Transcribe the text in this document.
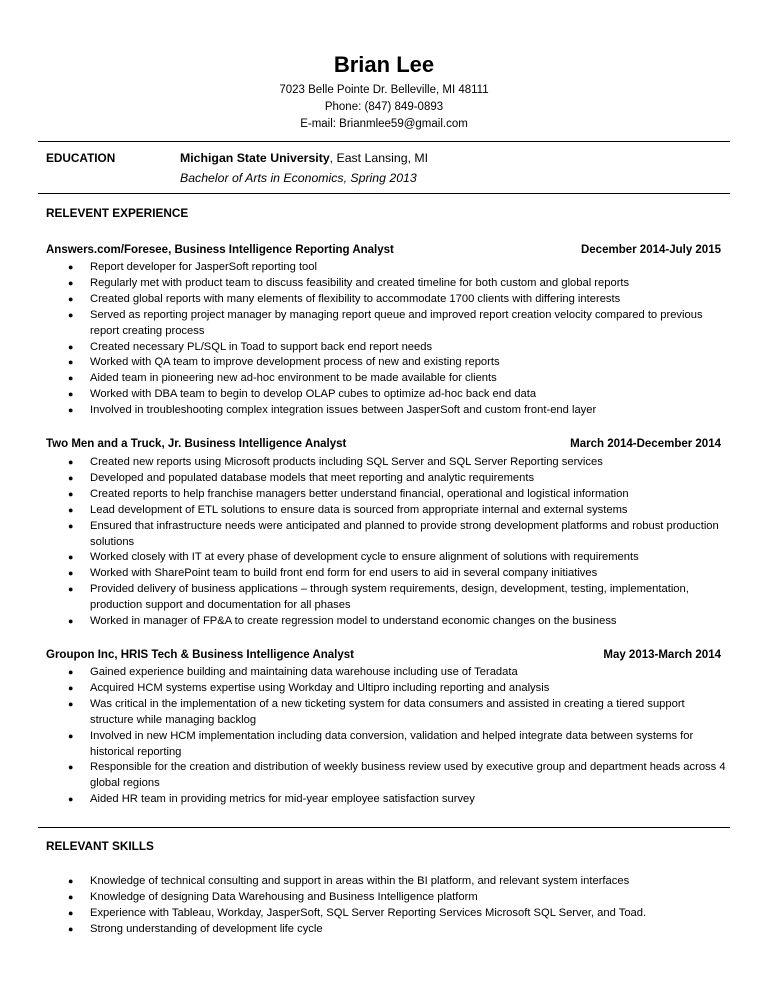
Brian Lee
7023 Belle Pointe Dr. Belleville, MI 48111
Phone: (847) 849-0893
E-mail: Brianmlee59@gmail.com
EDUCATION	Michigan State University, East Lansing, MI
Bachelor of Arts in Economics, Spring 2013
RELEVENT EXPERIENCE
Answers.com/Foresee, Business Intelligence Reporting Analyst	December 2014-July 2015
● Report developer for JasperSoft reporting tool
● Regularly met with product team to discuss feasibility and created timeline for both custom and global reports
● Created global reports with many elements of flexibility to accommodate 1700 clients with differing interests
● Served as reporting project manager by managing report queue and improved report creation velocity compared to previous report creating process
● Created necessary PL/SQL in Toad to support back end report needs
● Worked with QA team to improve development process of new and existing reports
● Aided team in pioneering new ad-hoc environment to be made available for clients
● Worked with DBA team to begin to develop OLAP cubes to optimize ad-hoc back end data
● Involved in troubleshooting complex integration issues between JasperSoft and custom front-end layer
Two Men and a Truck, Jr. Business Intelligence Analyst	March 2014-December 2014
● Created new reports using Microsoft products including SQL Server and SQL Server Reporting services
● Developed and populated database models that meet reporting and analytic requirements
● Created reports to help franchise managers better understand financial, operational and logistical information
● Lead development of ETL solutions to ensure data is sourced from appropriate internal and external systems
● Ensured that infrastructure needs were anticipated and planned to provide strong development platforms and robust production solutions
● Worked closely with IT at every phase of development cycle to ensure alignment of solutions with requirements
● Worked with SharePoint team to build front end form for end users to aid in several company initiatives
● Provided delivery of business applications – through system requirements, design, development, testing, implementation, production support and documentation for all phases
● Worked in manager of FP&A to create regression model to understand economic changes on the business
Groupon Inc, HRIS Tech & Business Intelligence Analyst	May 2013-March 2014
● Gained experience building and maintaining data warehouse including use of Teradata
● Acquired HCM systems expertise using Workday and Ultipro including reporting and analysis
● Was critical in the implementation of a new ticketing system for data consumers and assisted in creating a tiered support structure while managing backlog
● Involved in new HCM implementation including data conversion, validation and helped integrate data between systems for historical reporting
● Responsible for the creation and distribution of weekly business review used by executive group and department heads across 4 global regions
● Aided HR team in providing metrics for mid-year employee satisfaction survey
RELEVANT SKILLS
● Knowledge of technical consulting and support in areas within the BI platform, and relevant system interfaces
● Knowledge of designing Data Warehousing and Business Intelligence platform
● Experience with Tableau, Workday, JasperSoft, SQL Server Reporting Services Microsoft SQL Server, and Toad.
● Strong understanding of development life cycle
